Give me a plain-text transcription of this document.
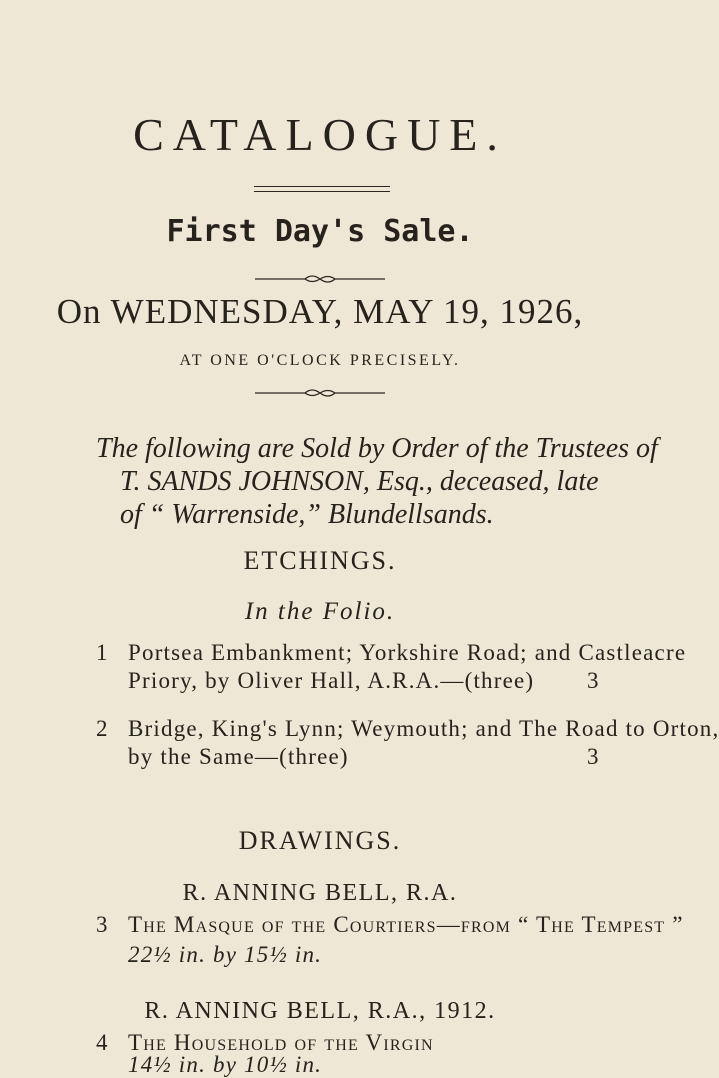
CATALOGUE.
First Day's Sale.
On WEDNESDAY, MAY 19, 1926,
AT ONE O'CLOCK PRECISELY.
The following are Sold by Order of the Trustees of
T. SANDS JOHNSON, Esq., deceased, late
of “ Warrenside,” Blundellsands.
ETCHINGS.
In the Folio.
1 Portsea Embankment; Yorkshire Road; and Castleacre
Priory, by Oliver Hall, A.R.A.—(three) 3
2 Bridge, King's Lynn; Weymouth; and The Road to Orton,
by the Same—(three)	3
DRAWINGS.
R. ANNING BELL, R.A.
3 The Masque of the Courtiers—from “ The Tempest ”
22½ in. by 15½ in.
R. ANNING BELL, R.A., 1912.
4 The Household of the Virgin
14½ in. by 10½ in.
